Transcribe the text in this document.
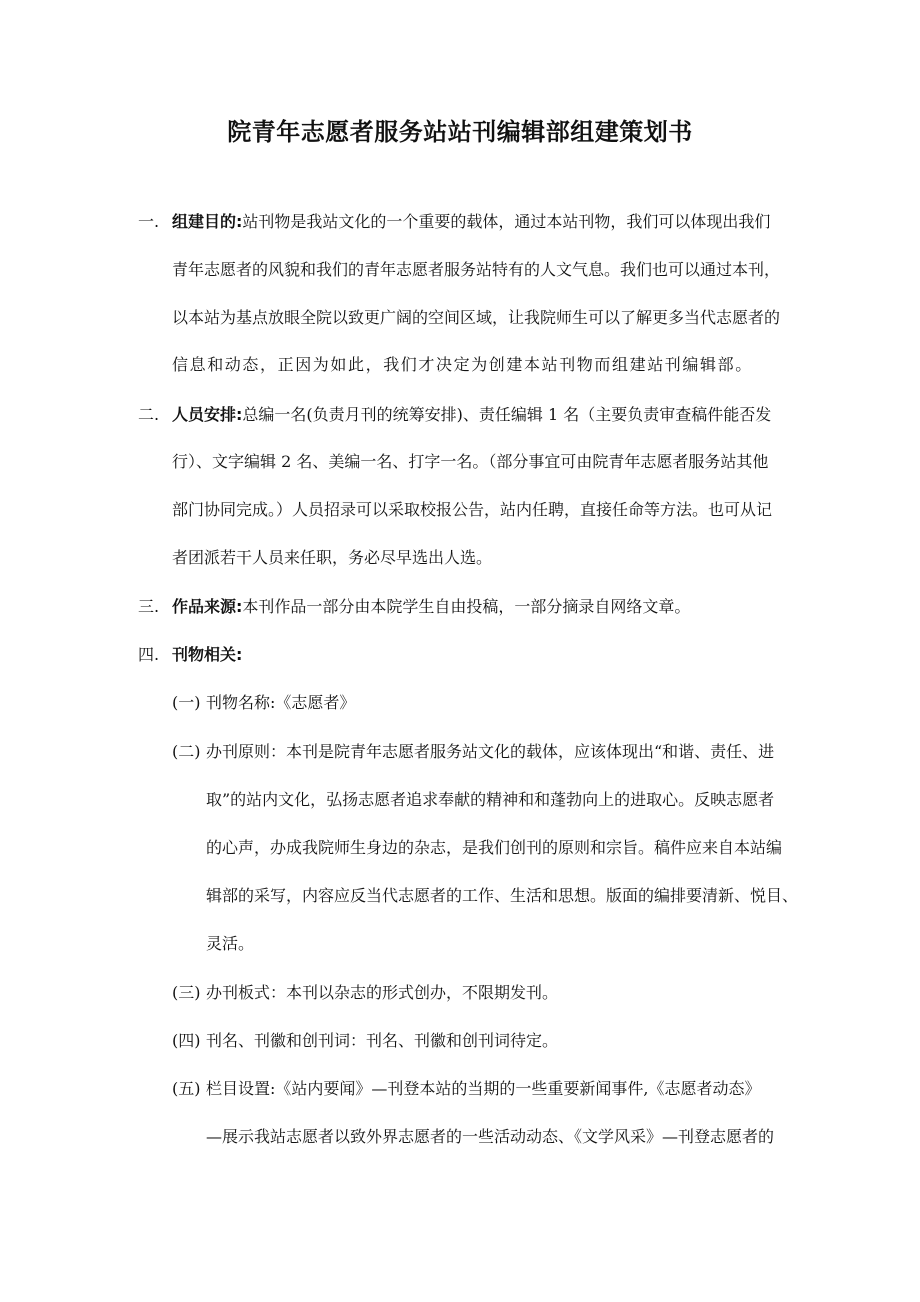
院青年志愿者服务站站刊编辑部组建策划书
一. 组建目的:站刊物是我站文化的一个重要的载体，通过本站刊物，我们可以体现出我们
青年志愿者的风貌和我们的青年志愿者服务站特有的人文气息。我们也可以通过本刊，
以本站为基点放眼全院以致更广阔的空间区域，让我院师生可以了解更多当代志愿者的
信息和动态，正因为如此，我们才决定为创建本站刊物而组建站刊编辑部。
二. 人员安排:总编一名(负责月刊的统筹安排)、责任编辑 1 名（主要负责审查稿件能否发
行）、文字编辑 2 名、美编一名、打字一名。（部分事宜可由院青年志愿者服务站其他
部门协同完成。）人员招录可以采取校报公告，站内任聘，直接任命等方法。也可从记
者团派若干人员来任职，务必尽早选出人选。
三. 作品来源:本刊作品一部分由本院学生自由投稿，一部分摘录自网络文章。
四. 刊物相关:
(一) 刊物名称:《志愿者》
(二) 办刊原则：本刊是院青年志愿者服务站文化的载体，应该体现出“和谐、责任、进
取”的站内文化，弘扬志愿者追求奉献的精神和和蓬勃向上的进取心。反映志愿者
的心声，办成我院师生身边的杂志，是我们创刊的原则和宗旨。稿件应来自本站编
辑部的采写，内容应反当代志愿者的工作、生活和思想。版面的编排要清新、悦目、
灵活。
(三) 办刊板式：本刊以杂志的形式创办，不限期发刊。
(四) 刊名、刊徽和创刊词：刊名、刊徽和创刊词待定。
(五) 栏目设置:《站内要闻》—刊登本站的当期的一些重要新闻事件,《志愿者动态》
—展示我站志愿者以致外界志愿者的一些活动动态、《文学风采》—刊登志愿者的
